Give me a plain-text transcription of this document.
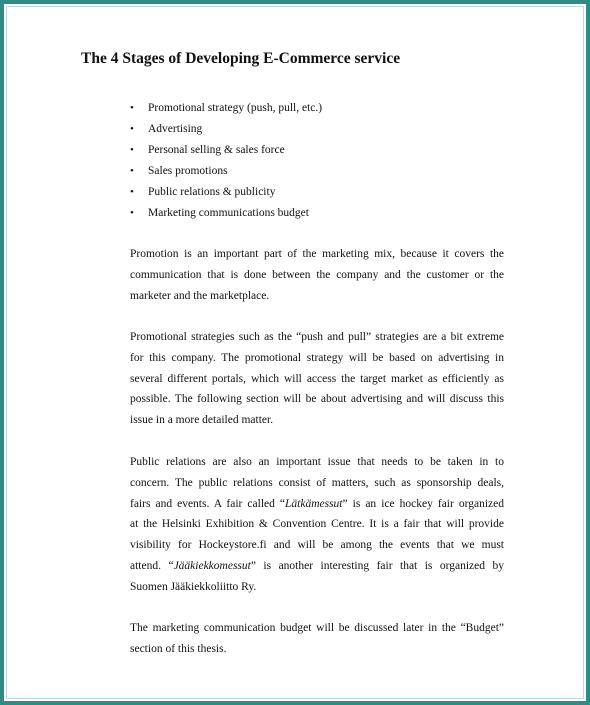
The 4 Stages of Developing E-Commerce service
• Promotional strategy (push, pull, etc.)
• Advertising
• Personal selling & sales force
• Sales promotions
• Public relations & publicity
• Marketing communications budget

Promotion is an important part of the marketing mix, because it covers the
communication that is done between the company and the customer or the
marketer and the marketplace.

Promotional strategies such as the “push and pull” strategies are a bit extreme
for this company. The promotional strategy will be based on advertising in
several different portals, which will access the target market as efficiently as
possible. The following section will be about advertising and will discuss this
issue in a more detailed matter.

Public relations are also an important issue that needs to be taken in to
concern. The public relations consist of matters, such as sponsorship deals,
fairs and events. A fair called “Lätkämessut” is an ice hockey fair organized
at the Helsinki Exhibition & Convention Centre. It is a fair that will provide
visibility for Hockeystore.fi and will be among the events that we must
attend. “Jääkiekkomessut” is another interesting fair that is organized by
Suomen Jääkiekkoliitto Ry.

The marketing communication budget will be discussed later in the “Budget”
section of this thesis.
